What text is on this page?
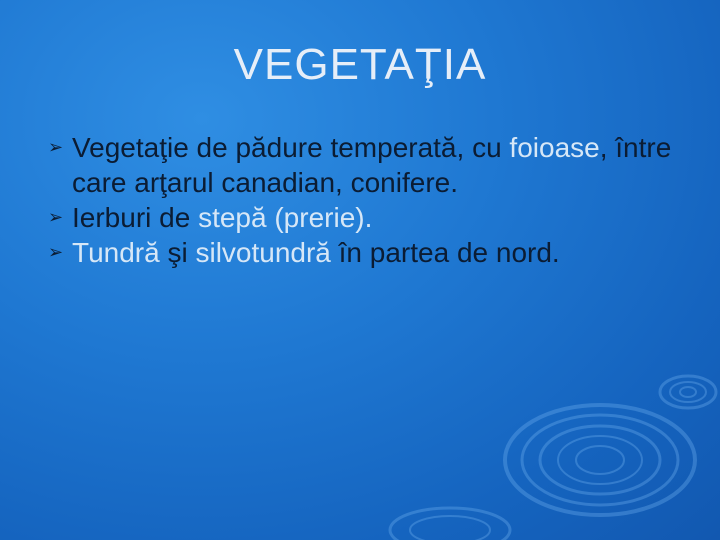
VEGETAŢIA
➢ Vegetaţie de pădure temperată, cu foioase, între care arţarul canadian, conifere.
➢ Ierburi de stepă (prerie).
➢ Tundră şi silvotundră în partea de nord.
